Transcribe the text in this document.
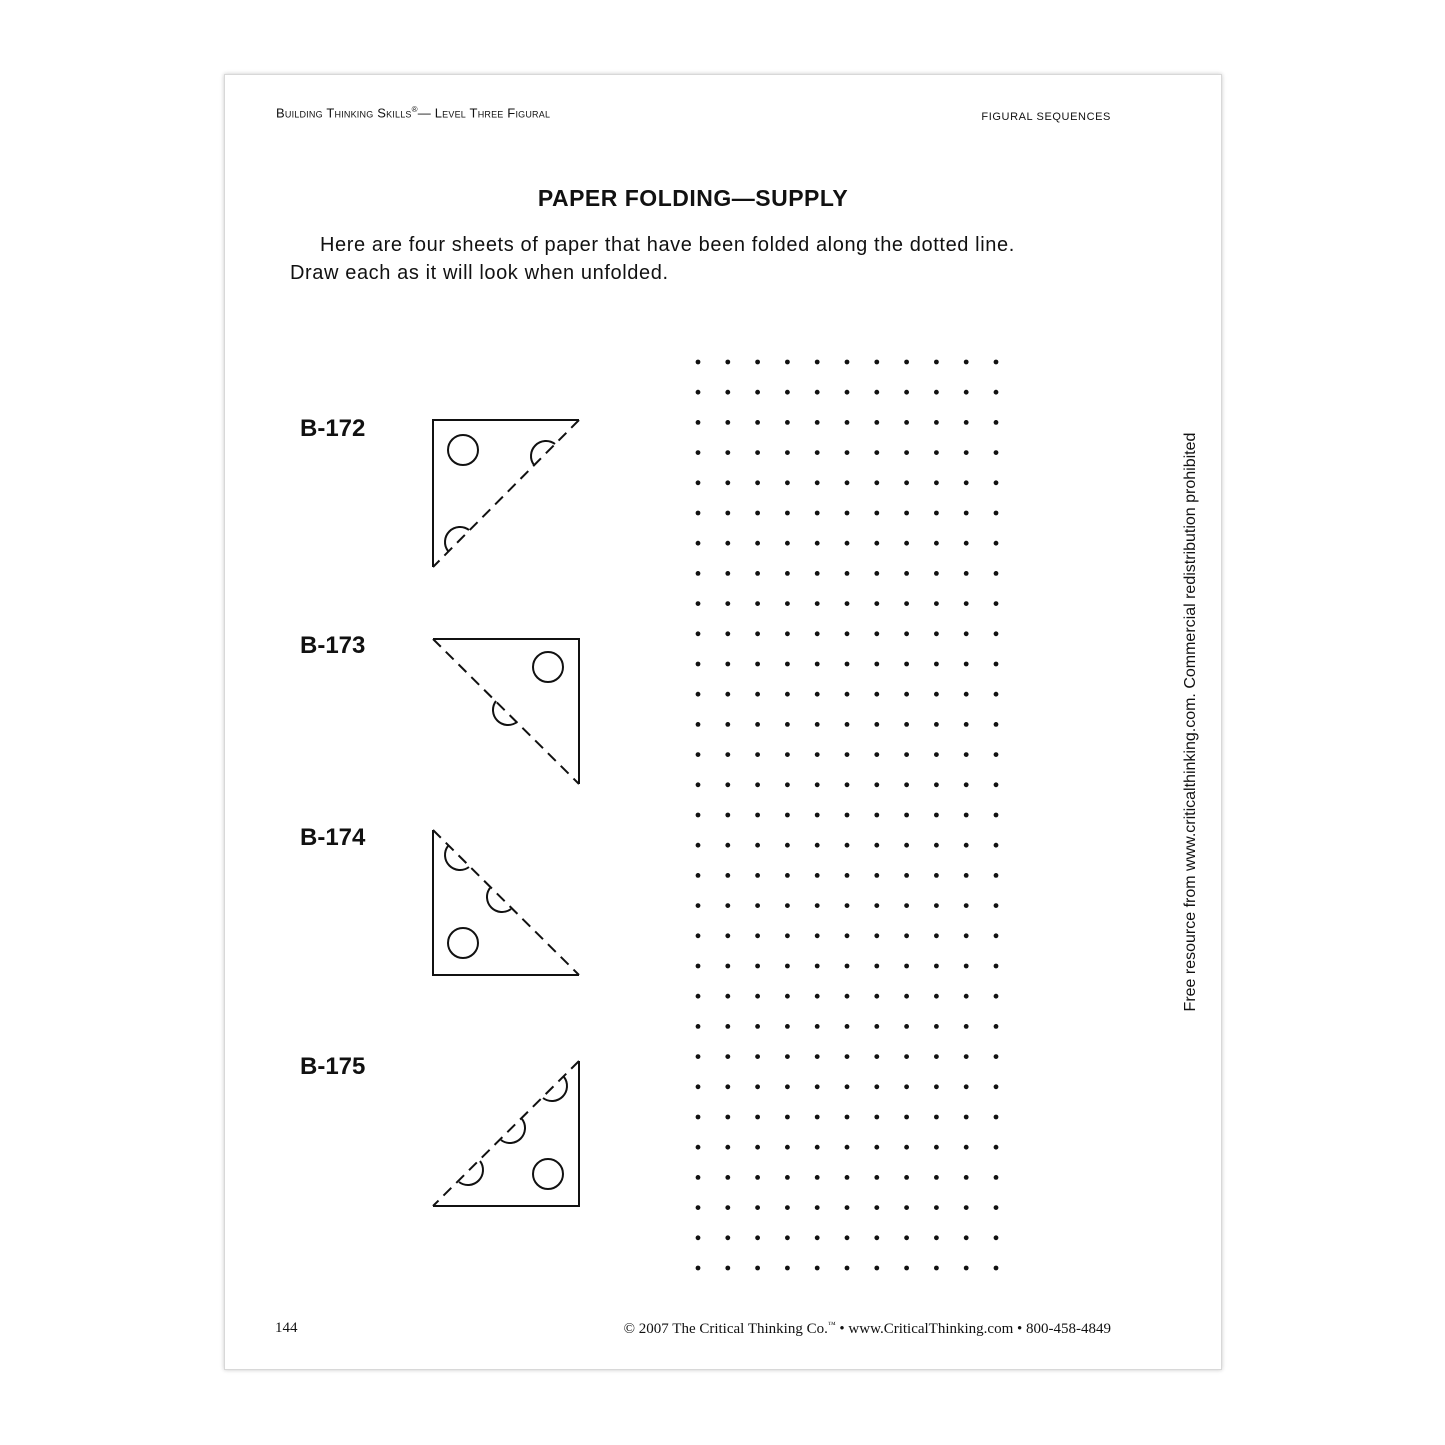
Building Thinking Skills®— Level Three Figural	FIGURAL SEQUENCES
PAPER FOLDING—SUPPLY
Here are four sheets of paper that have been folded along the dotted line. Draw each as it will look when unfolded.
B-172
B-173
B-174
B-175
Free resource from www.criticalthinking.com. Commercial redistribution prohibited
144	© 2007 The Critical Thinking Co.™ • www.CriticalThinking.com • 800-458-4849
